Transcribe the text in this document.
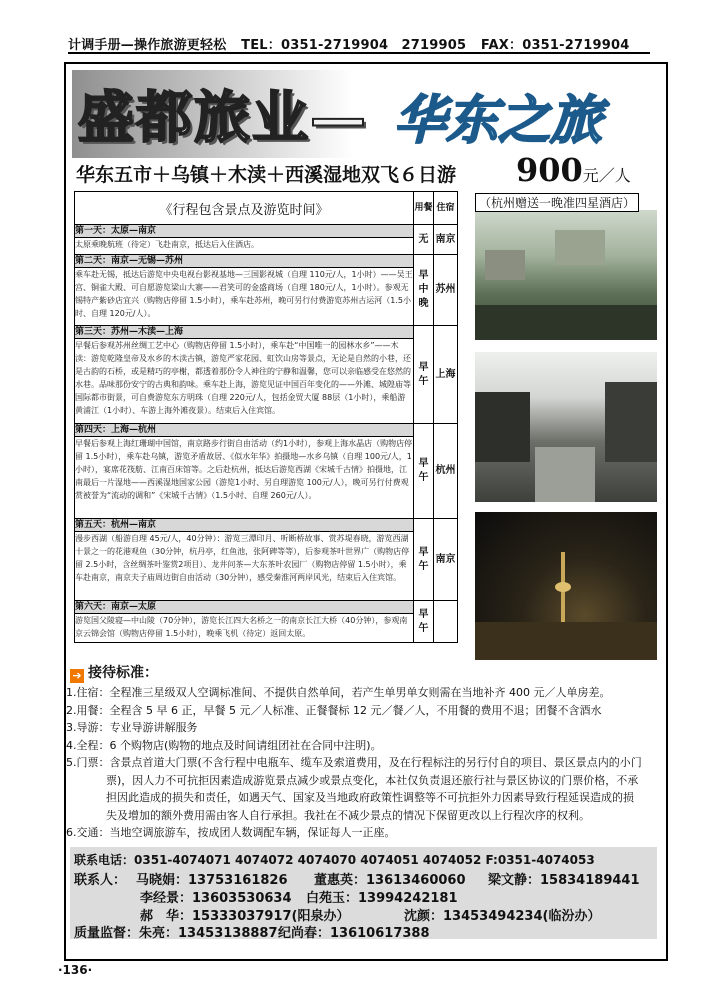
计调手册—操作旅游更轻松 TEL：0351-2719904　2719905 FAX：0351-2719904
盛都旅业— 华东之旅
华东五市＋乌镇＋木渎＋西溪湿地双飞６日游 900元／人
《行程包含景点及游览时间》	用餐	住宿
第一天：太原—南京	无	南京
太原乘晚航班（待定）飞赴南京，抵达后入住酒店。		
第二天：南京—无锡—苏州	早中晚	苏州
乘车赴无锡，抵达后游览中央电视台影视基地—三国影视城（自理 110元/人，1小时）——吴王宫、铜雀大殿、可自愿游览梁山大寨——君笑可的金盛商场（自理 180元/人，1小时）。参观无锡特产紫砂店宜兴（购物店停留 1.5小时），乘车赴苏州，晚可另行付费游览苏州古运河（1.5小时、自理 120元/人）。		
第三天：苏州—木渎—上海	早午	上海
早餐后参观苏州丝绸工艺中心（购物店停留 1.5小时），乘车赴“中国唯一的园林水乡”——木渎：游览乾隆皇帝及水乡的木渎古镇，游览严家花园、虹饮山房等景点，无论是自然的小巷，还是古韵的石桥，或是精巧的亭榭，都透着那份令人神往的宁静和温馨，您可以亲临感受在悠然的水巷。品味那份安宁的古典和韵味。乘车赴上海，游览见证中国百年变化的——外滩、城隍庙等国际都市街景，可自费游览东方明珠（自理 220元/人，包括金贸大厦 88层（1小时），乘船游黄浦江（1小时）、车游上海外滩夜景）。结束后入住宾馆。		
第四天：上海—杭州	早午	杭州
早餐后参观上海红珊瑚中国馆，南京路步行街自由活动（约1小时），参观上海水晶店（购物店停留 1.5小时），乘车赴乌镇，游览矛盾故居、《似水年华》拍摄地—水乡乌镇（自理 100元/人，1小时），宴席花筏舫、江南百床馆等。之后赴杭州，抵达后游览西湖《宋城千古情》拍摄地，江南最后一片湿地——西溪湿地国家公园（游览1小时、另自理游览 100元/人），晚可另行付费观赏被誉为“流动的调和”《宋城千古情》（1.5小时、自理 260元/人）。		
第五天：杭州—南京	早午	南京
漫步西湖（船游自理 45元/人，40分钟）：游览三潭印月、听断桥故事、赏苏堤春晓，游览西湖十景之一的花港观鱼（30分钟，杭丹亭，红鱼池，张阿碑等等），后参观茶叶世界广（购物店停留 2.5小时，含丝绸茶叶鉴赏2项目）、龙井问茶—大东茶叶农园厂（购物店停留 1.5小时），乘车赴南京，南京夫子庙周边街自由活动（30分钟），感受秦淮河两岸风光，结束后入住宾馆。		
第六天：南京—太原	早午	
游览国父陵寝—中山陵（70分钟），游览长江四大名桥之一的南京长江大桥（40分钟），参观南京云锦会馆（购物店停留 1.5小时），晚乘飞机（待定）返回太原。		
（杭州赠送一晚准四星酒店）
➔ 接待标准：
1.住宿：全程准三星级双人空调标准间、不提供自然单间，若产生单男单女则需在当地补齐 400 元／人单房差。
2.用餐：全程含 5 早 6 正，早餐 5 元／人标准、正餐餐标 12 元／餐／人，不用餐的费用不退；团餐不含酒水
3.导游：专业导游讲解服务
4.全程：6 个购物店(购物的地点及时间请组团社在合同中注明)。
5.门票：含景点首道大门票(不含行程中电瓶车、缆车及索道费用，及在行程标注的另行付自的项目、景区景点内的小门
票)，因人力不可抗拒因素造成游览景点减少或景点变化，本社仅负责退还旅行社与景区协议的门票价格，不承
担因此造成的损失和责任，如遇天气、国家及当地政府政策性调整等不可抗拒外力因素导致行程延误造成的损
失及增加的额外费用需由客人自行承担。我社在不减少景点的情况下保留更改以上行程次序的权利。
6.交通：当地空调旅游车，按成团人数调配车辆，保证每人一正座。
联系电话：0351-4074071 4074072 4074070 4074051 4074052 F:0351-4074053
联系人： 马晓娟：13753161826 董惠英：13613460060 梁文静：15834189441
李经景：13603530634 白苑玉：13994242181
郝　华：15333037917(阳泉办）	沈颜：13453494234(临汾办）
质量监督：朱亮：13453138887 纪尚春：13610617388
·136·
